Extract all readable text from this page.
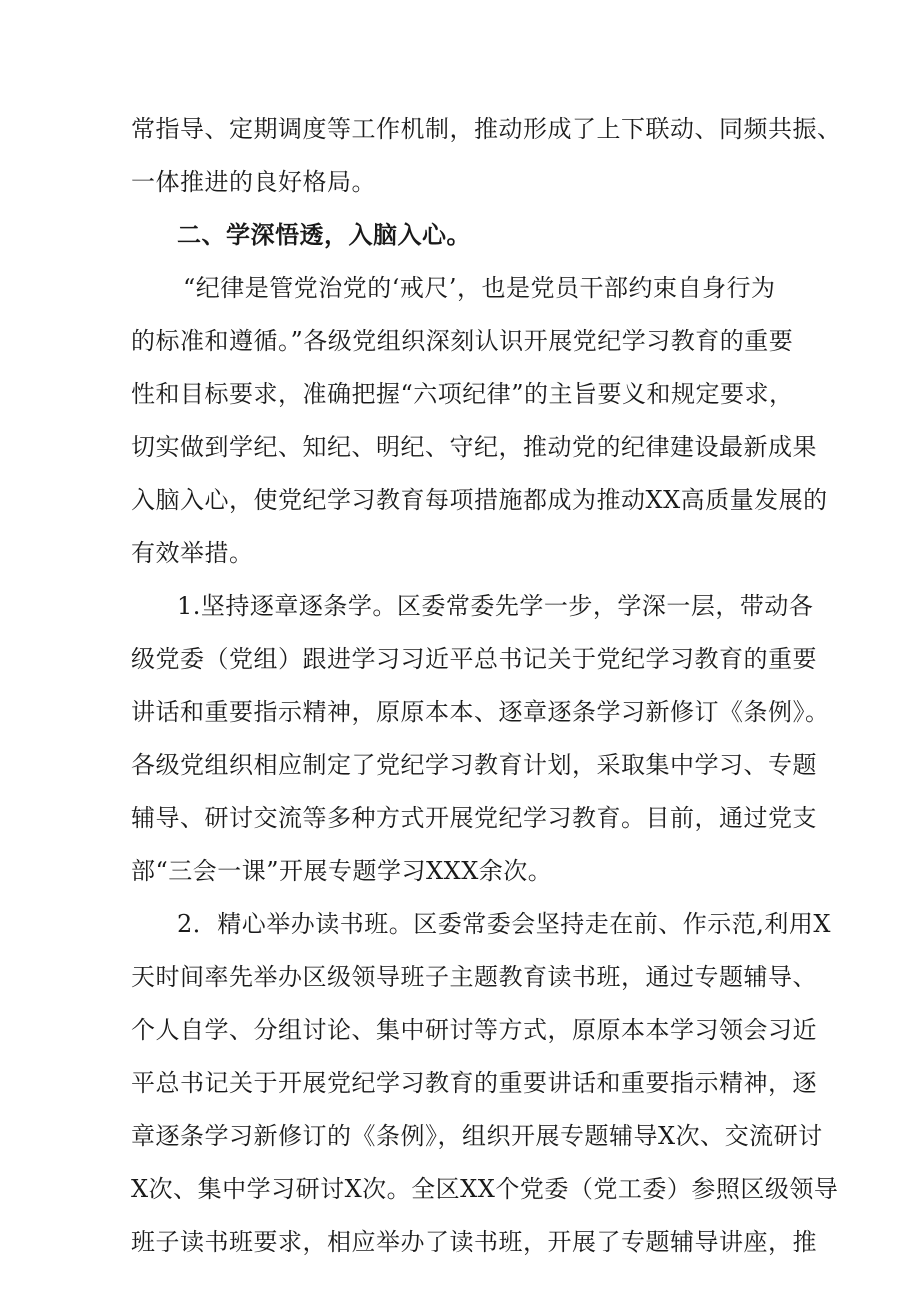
常指导、定期调度等工作机制，推动形成了上下联动、同频共振、
一体推进的良好格局。
二、学深悟透，入脑入心。
“纪律是管党治党的‘戒尺’，也是党员干部约束自身行为
的标准和遵循。”各级党组织深刻认识开展党纪学习教育的重要
性和目标要求，准确把握“六项纪律”的主旨要义和规定要求，
切实做到学纪、知纪、明纪、守纪，推动党的纪律建设最新成果
入脑入心，使党纪学习教育每项措施都成为推动XX高质量发展的
有效举措。
1.坚持逐章逐条学。区委常委先学一步，学深一层，带动各
级党委（党组）跟进学习习近平总书记关于党纪学习教育的重要
讲话和重要指示精神，原原本本、逐章逐条学习新修订《条例》。
各级党组织相应制定了党纪学习教育计划，采取集中学习、专题
辅导、研讨交流等多种方式开展党纪学习教育。目前，通过党支
部“三会一课”开展专题学习XXX余次。
2．精心举办读书班。区委常委会坚持走在前、作示范,利用X
天时间率先举办区级领导班子主题教育读书班，通过专题辅导、
个人自学、分组讨论、集中研讨等方式，原原本本学习领会习近
平总书记关于开展党纪学习教育的重要讲话和重要指示精神，逐
章逐条学习新修订的《条例》，组织开展专题辅导X次、交流研讨
X次、集中学习研讨X次。全区XX个党委（党工委）参照区级领导
班子读书班要求，相应举办了读书班，开展了专题辅导讲座，推
